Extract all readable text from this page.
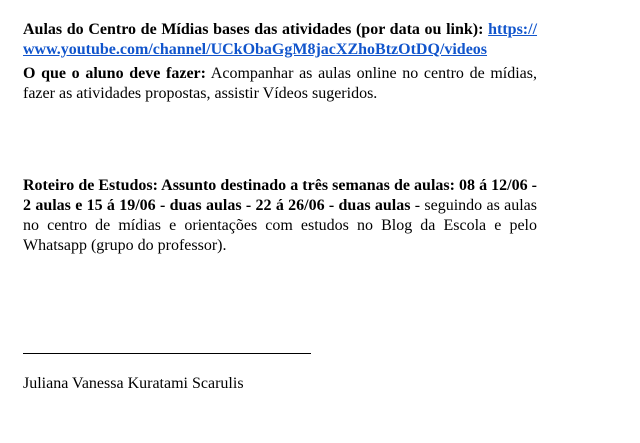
Aulas do Centro de Mídias bases das atividades (por data ou link): https://www.youtube.com/channel/UCkObaGgM8jacXZhoBtzOtDQ/videos

O que o aluno deve fazer: Acompanhar as aulas online no centro de mídias, fazer as atividades propostas, assistir Vídeos sugeridos.

Roteiro de Estudos: Assunto destinado a três semanas de aulas: 08 á 12/06 - 2 aulas e 15 á 19/06 - duas aulas - 22 á 26/06 - duas aulas - seguindo as aulas no centro de mídias e orientações com estudos no Blog da Escola e pelo Whatsapp (grupo do professor).

Juliana Vanessa Kuratami Scarulis
